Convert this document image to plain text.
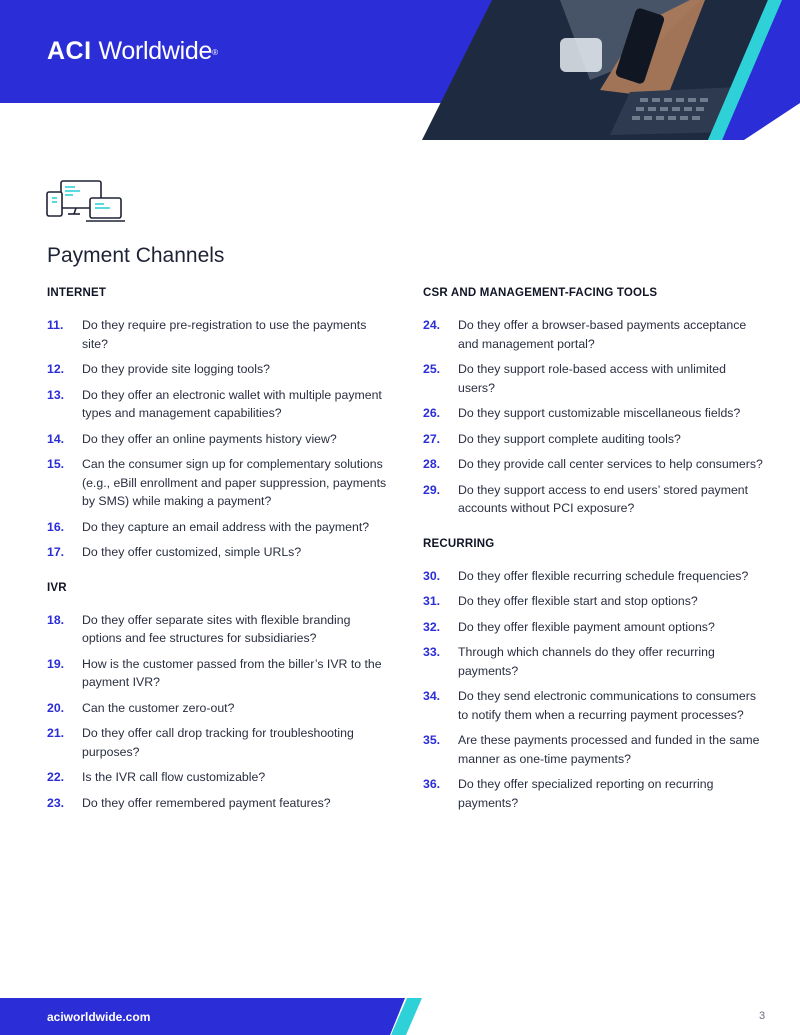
ACI Worldwide®
Payment Channels
INTERNET
11.	Do they require pre-registration to use the payments site?
12.	Do they provide site logging tools?
13.	Do they offer an electronic wallet with multiple payment types and management capabilities?
14.	Do they offer an online payments history view?
15.	Can the consumer sign up for complementary solutions (e.g., eBill enrollment and paper suppression, payments by SMS) while making a payment?
16.	Do they capture an email address with the payment?
17.	Do they offer customized, simple URLs?
IVR
18.	Do they offer separate sites with flexible branding options and fee structures for subsidiaries?
19.	How is the customer passed from the biller’s IVR to the payment IVR?
20.	Can the customer zero-out?
21.	Do they offer call drop tracking for troubleshooting purposes?
22.	Is the IVR call flow customizable?
23.	Do they offer remembered payment features?
CSR AND MANAGEMENT-FACING TOOLS
24.	Do they offer a browser-based payments acceptance and management portal?
25.	Do they support role-based access with unlimited users?
26.	Do they support customizable miscellaneous fields?
27.	Do they support complete auditing tools?
28.	Do they provide call center services to help consumers?
29.	Do they support access to end users’ stored payment accounts without PCI exposure?
RECURRING
30.	Do they offer flexible recurring schedule frequencies?
31.	Do they offer flexible start and stop options?
32.	Do they offer flexible payment amount options?
33.	Through which channels do they offer recurring payments?
34.	Do they send electronic communications to consumers to notify them when a recurring payment processes?
35.	Are these payments processed and funded in the same manner as one-time payments?
36.	Do they offer specialized reporting on recurring payments?
aciworldwide.com	3
